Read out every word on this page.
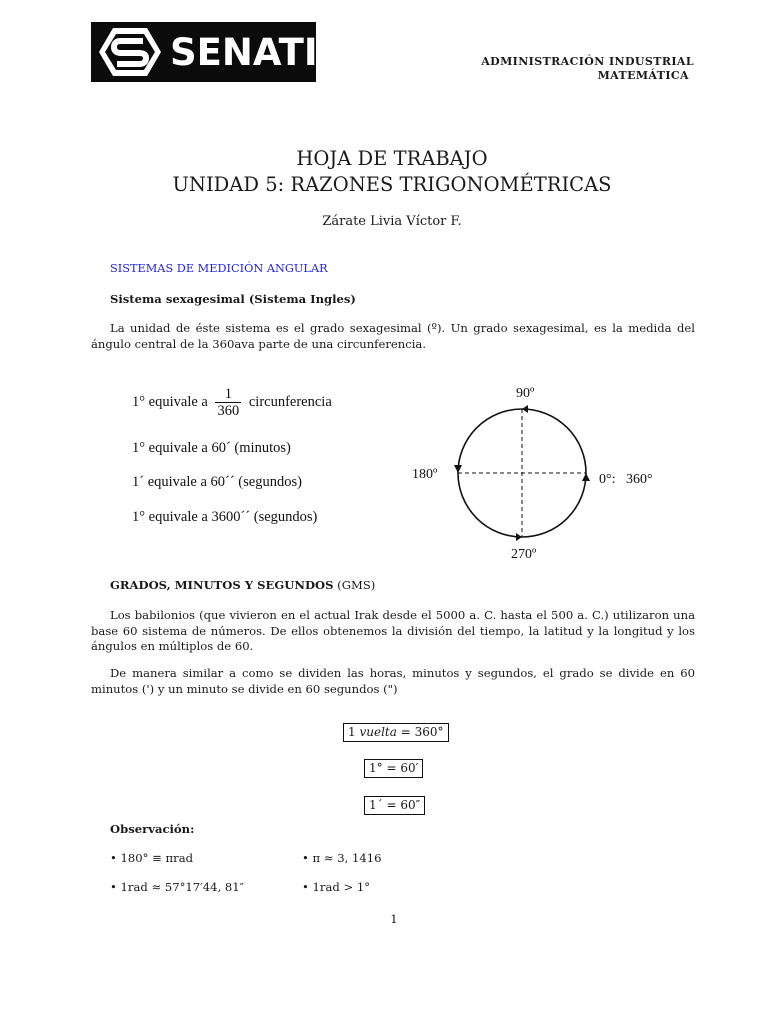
SENATI	ADMINISTRACIÓN INDUSTRIAL
MATEMÁTICA
HOJA DE TRABAJO
UNIDAD 5: RAZONES TRIGONOMÉTRICAS
Zárate Livia Víctor F.
SISTEMAS DE MEDICIÓN ANGULAR
Sistema sexagesimal (Sistema Ingles)
La unidad de éste sistema es el grado sexagesimal (º). Un grado sexagesimal, es la medida del ángulo central de la 360ava parte de una circunferencia.
1° equivale a $\frac{1}{360}$ circunferencia
1° equivale a 60´ (minutos)
1´ equivale a 60´´ (segundos)
1° equivale a 3600´´ (segundos)
90º
180º	0°:   360°
270º
GRADOS, MINUTOS Y SEGUNDOS (GMS)
Los babilonios (que vivieron en el actual Irak desde el 5000 a. C. hasta el 500 a. C.) utilizaron una base 60 sistema de números. De ellos obtenemos la división del tiempo, la latitud y la longitud y los ángulos en múltiplos de 60.
De manera similar a como se dividen las horas, minutos y segundos, el grado se divide en 60 minutos (') y un minuto se divide en 60 segundos (")
1 vuelta = 360°
1° = 60′
1´ = 60″
Observación:
• 180° ≡ πrad	• π ≈ 3, 1416
• 1rad ≈ 57°17′44, 81″	• 1rad > 1°
1
